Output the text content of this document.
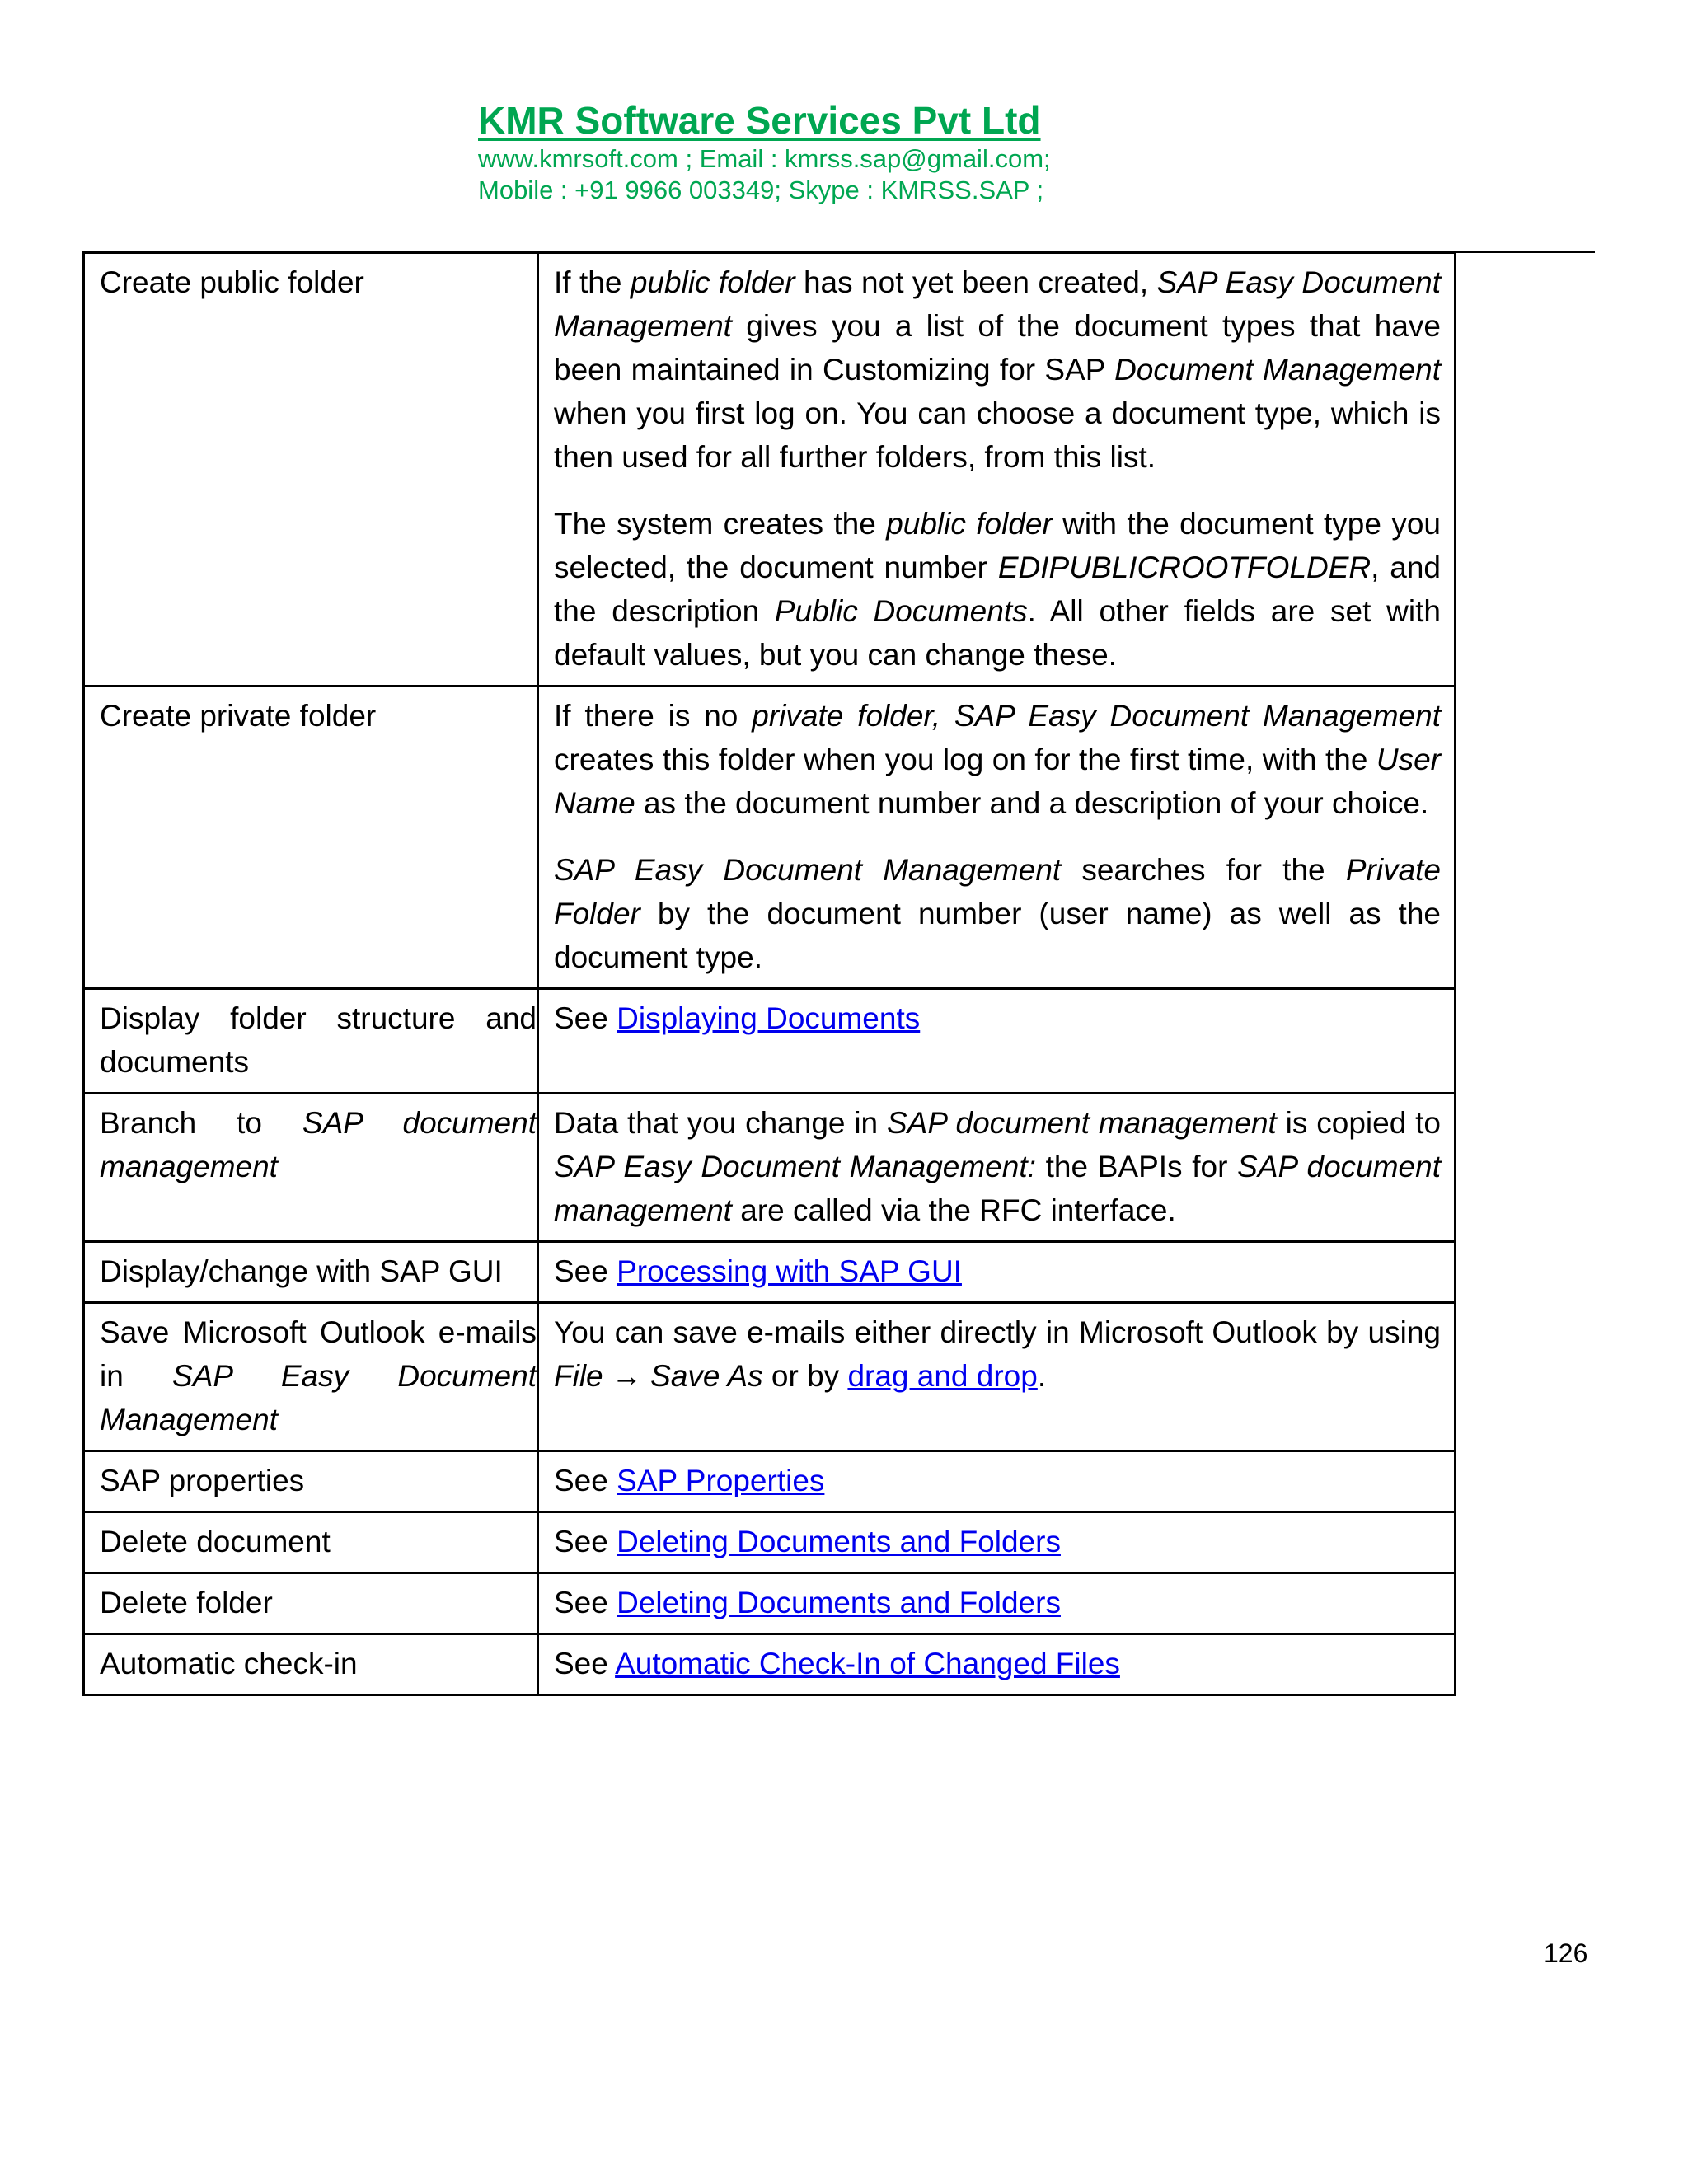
KMR Software Services Pvt Ltd
www.kmrsoft.com ; Email : kmrss.sap@gmail.com;
Mobile : +91 9966 003349; Skype : KMRSS.SAP ;

Create public folder	If the public folder has not yet been created, SAP Easy Document Management gives you a list of the document types that have been maintained in Customizing for SAP Document Management when you first log on. You can choose a document type, which is then used for all further folders, from this list.

The system creates the public folder with the document type you selected, the document number EDIPUBLICROOTFOLDER, and the description Public Documents. All other fields are set with default values, but you can change these.

Create private folder	If there is no private folder, SAP Easy Document Management creates this folder when you log on for the first time, with the User Name as the document number and a description of your choice.

SAP Easy Document Management searches for the Private Folder by the document number (user name) as well as the document type.

Display folder structure and documents	See Displaying Documents

Branch to SAP document management	Data that you change in SAP document management is copied to SAP Easy Document Management: the BAPIs for SAP document management are called via the RFC interface.

Display/change with SAP GUI	See Processing with SAP GUI

Save Microsoft Outlook e-mails in SAP Easy Document Management	You can save e-mails either directly in Microsoft Outlook by using File → Save As or by drag and drop.

SAP properties	See SAP Properties

Delete document	See Deleting Documents and Folders

Delete folder	See Deleting Documents and Folders

Automatic check-in	See Automatic Check-In of Changed Files

126
